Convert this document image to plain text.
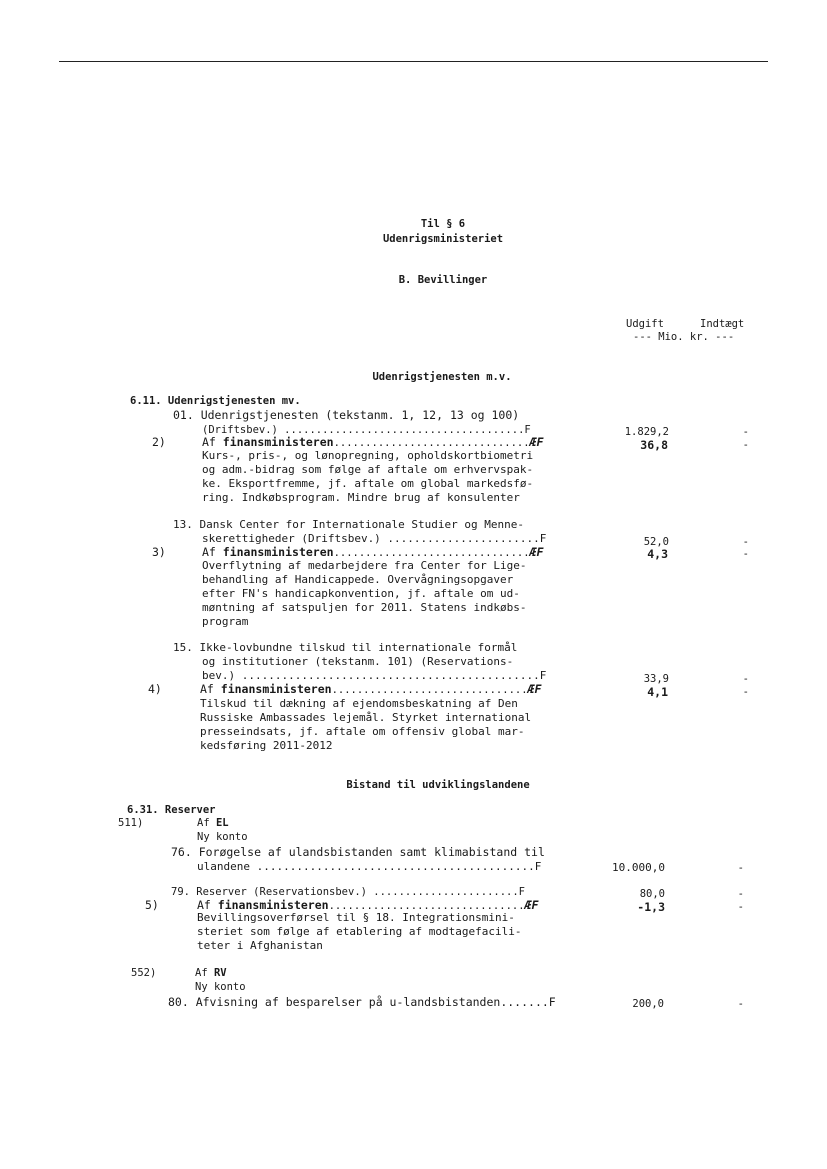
Til § 6
Udenrigsministeriet
B. Bevillinger
Udgift	Indtægt
--- Mio. kr. ---
Udenrigstjenesten m.v.
6.11. Udenrigstjenesten mv.
01. Udenrigstjenesten (tekstanm. 1, 12, 13 og 100)
(Driftsbev.) ......................................F	1.829,2	-
2)	Af finansministeren...............................ÆF	36,8	-
Kurs-, pris-, og lønopregning, opholdskortbiometri
og adm.-bidrag som følge af aftale om erhvervspak-
ke. Eksportfremme, jf. aftale om global markedsfø-
ring. Indkøbsprogram. Mindre brug af konsulenter
13. Dansk Center for Internationale Studier og Menne-
skerettigheder (Driftsbev.) .......................F	52,0	-
3)	Af finansministeren...............................ÆF	4,3	-
Overflytning af medarbejdere fra Center for Lige-
behandling af Handicappede. Overvågningsopgaver
efter FN's handicapkonvention, jf. aftale om ud-
møntning af satspuljen for 2011. Statens indkøbs-
program
15. Ikke-lovbundne tilskud til internationale formål
og institutioner (tekstanm. 101) (Reservations-
bev.) .............................................F	33,9	-
4)	Af finansministeren...............................ÆF	4,1	-
Tilskud til dækning af ejendomsbeskatning af Den
Russiske Ambassades lejemål. Styrket international
presseindsats, jf. aftale om offensiv global mar-
kedsføring 2011-2012
Bistand til udviklingslandene
6.31. Reserver
511)	Af EL
Ny konto
76. Forøgelse af ulandsbistanden samt klimabistand til
ulandene ..........................................F	10.000,0	-
79. Reserver (Reservationsbev.) .......................F	80,0	-
5)	Af finansministeren...............................ÆF	-1,3	-
Bevillingsoverførsel til § 18. Integrationsmini-
steriet som følge af etablering af modtagefacili-
teter i Afghanistan
552)	Af RV
Ny konto
80. Afvisning af besparelser på u-landsbistanden.......F	200,0	-
